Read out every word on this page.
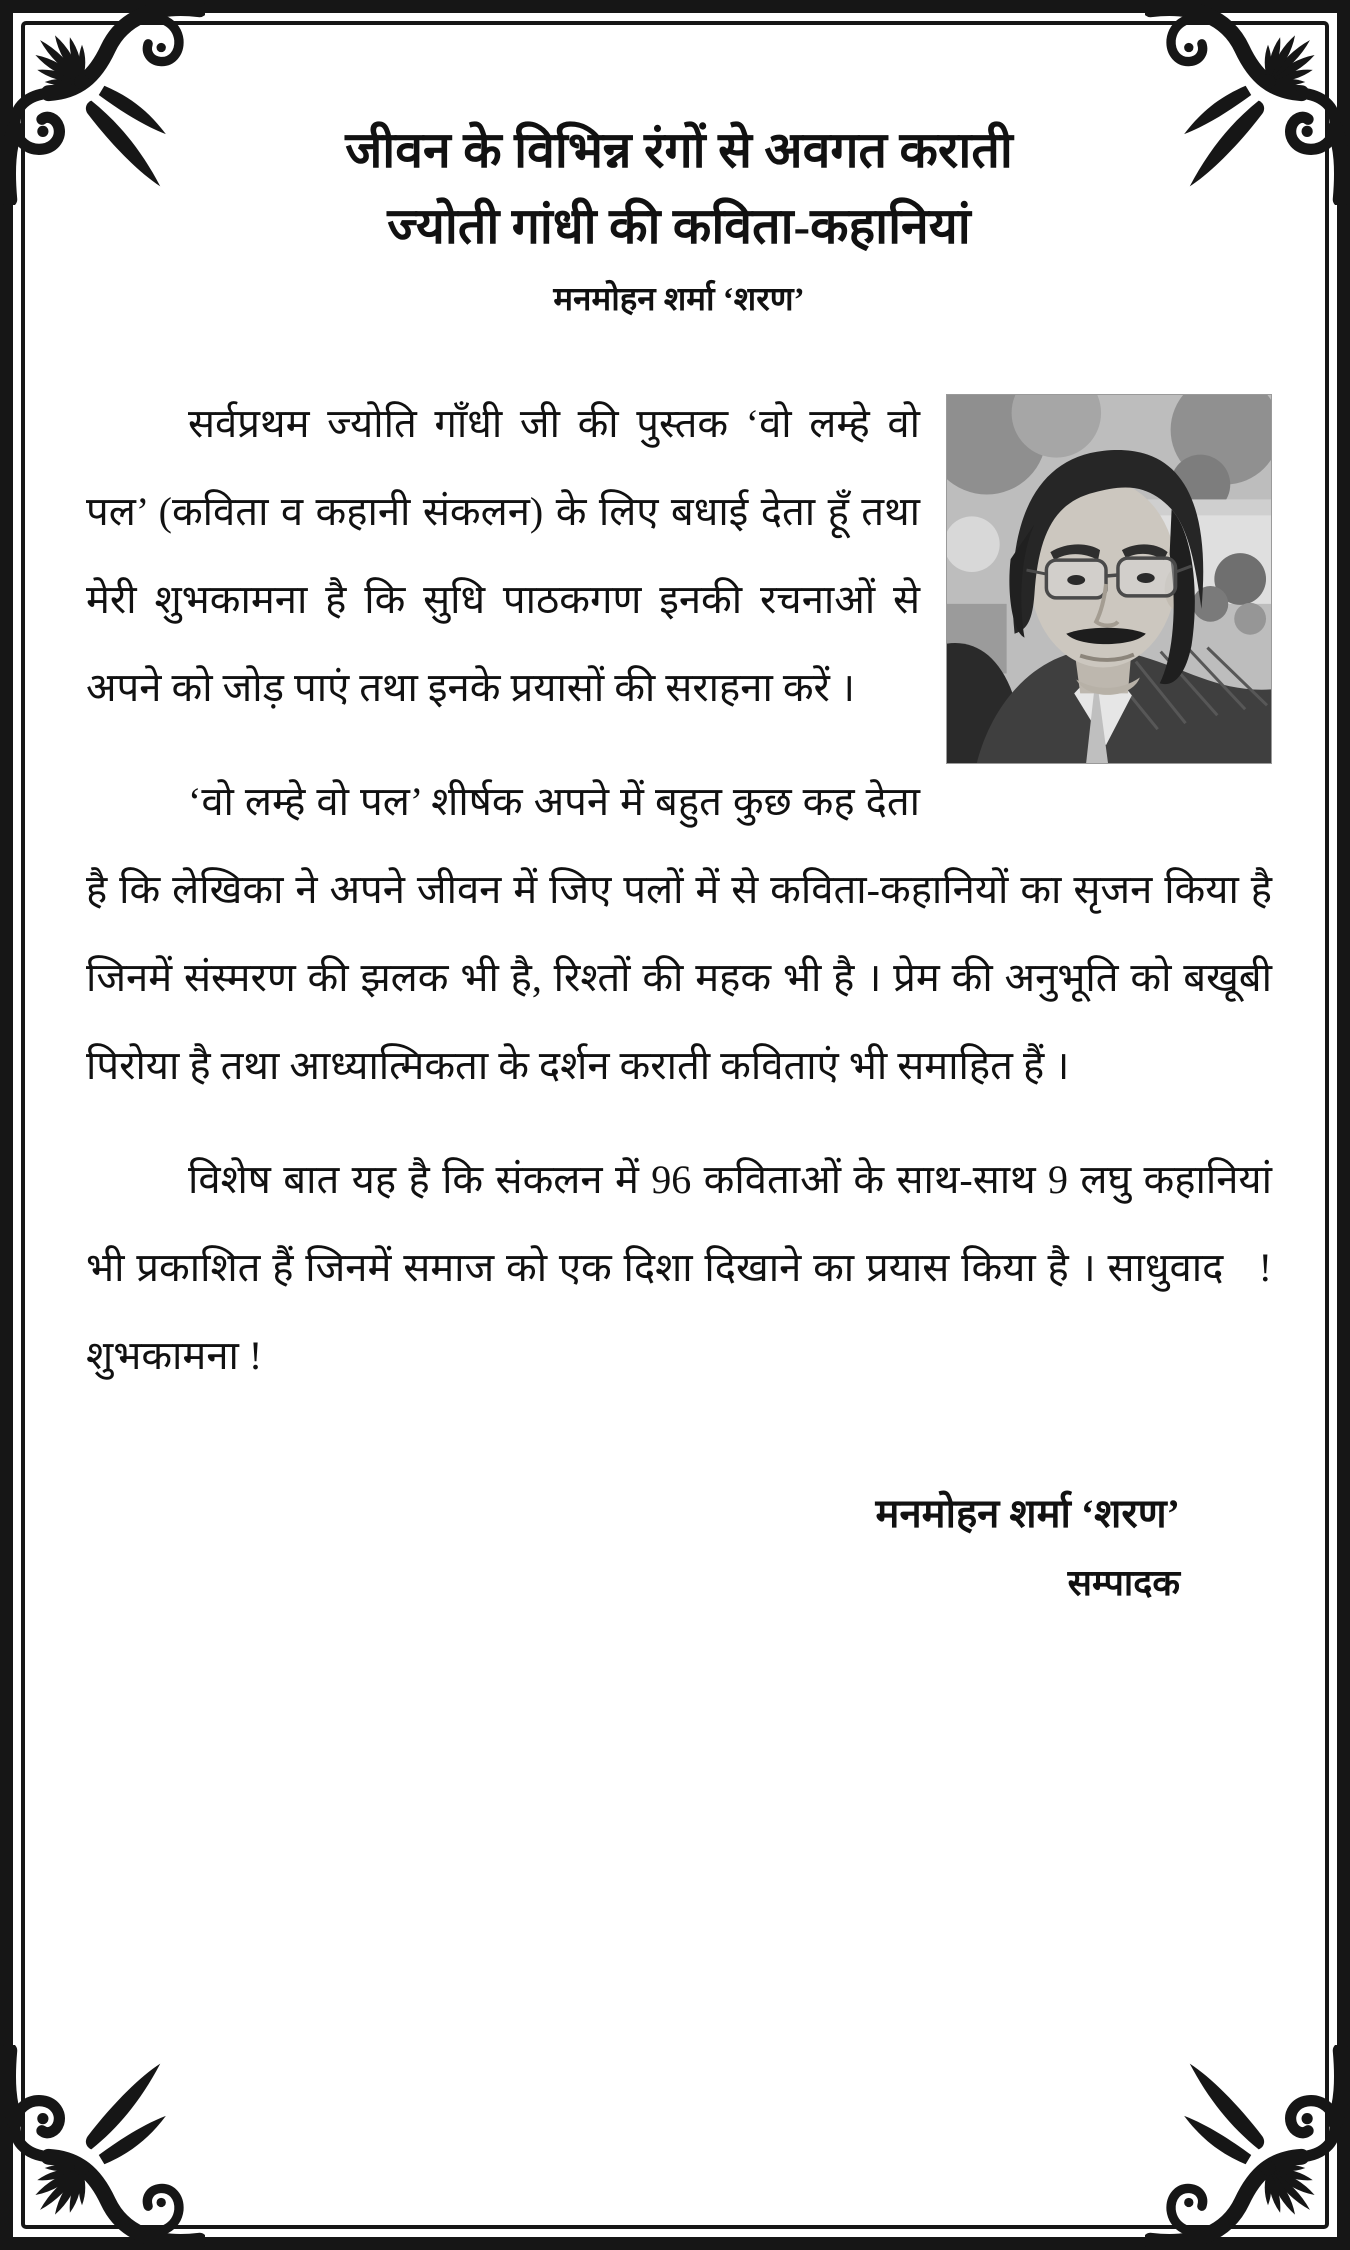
जीवन के विभिन्न रंगों से अवगत कराती
ज्योती गांधी की कविता-कहानियां
मनमोहन शर्मा ‘शरण’
सर्वप्रथम ज्योति गाँधी जी की पुस्तक ‘वो लम्हे वो पल’ (कविता व कहानी संकलन) के लिए बधाई देता हूँ तथा मेरी शुभकामना है कि सुधि पाठकगण इनकी रचनाओं से अपने को जोड़ पाएं तथा इनके प्रयासों की सराहना करें ।

‘वो लम्हे वो पल’ शीर्षक अपने में बहुत कुछ कह देता है कि लेखिका ने अपने जीवन में जिए पलों में से कविता-कहानियों का सृजन किया है जिनमें संस्मरण की झलक भी है, रिश्तों की महक भी है । प्रेम की अनुभूति को बखूबी पिरोया है तथा आध्यात्मिकता के दर्शन कराती कविताएं भी समाहित हैं ।

विशेष बात यह है कि संकलन में 96 कविताओं के साथ-साथ 9 लघु कहानियां भी प्रकाशित हैं जिनमें समाज को एक दिशा दिखाने का प्रयास किया है । साधुवाद   ! शुभकामना !

मनमोहन शर्मा ‘शरण’
सम्पादक
